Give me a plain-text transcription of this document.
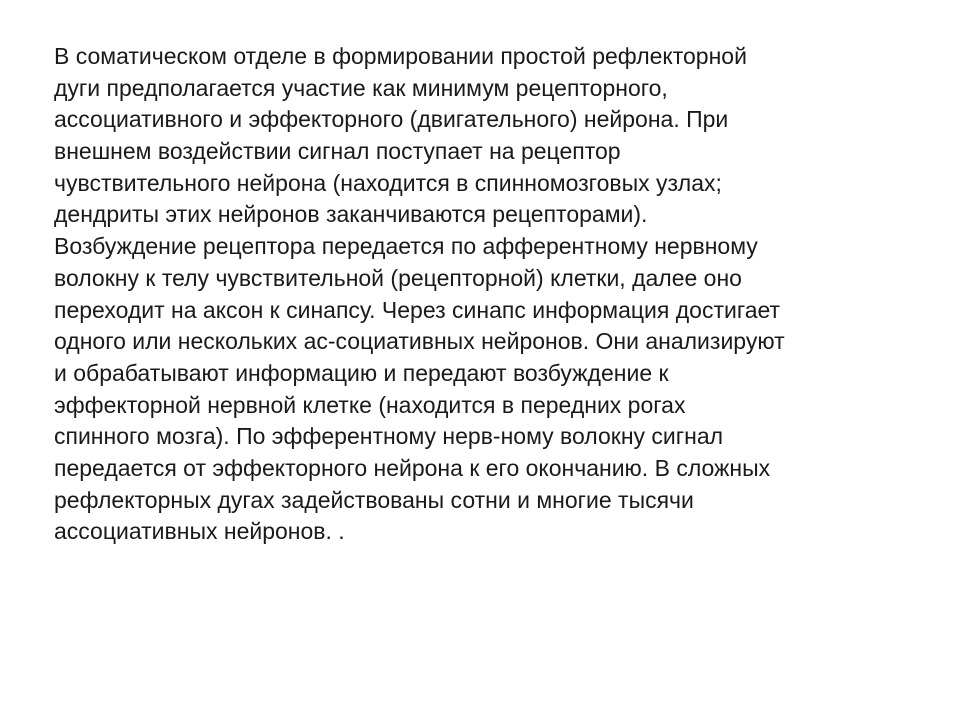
В соматическом отделе в формировании простой рефлекторной
дуги предполагается участие как минимум рецепторного,
ассоциативного и эффекторного (двигательного) нейрона. При
внешнем воздействии сигнал поступает на рецептор
чувствительного нейрона (находится в спинномозговых узлах;
дендриты этих нейронов заканчиваются рецепторами).
Возбуждение рецептора передается по афферентному нервному
волокну к телу чувствительной (рецепторной) клетки, далее оно
переходит на аксон к синапсу. Через синапс информация достигает
одного или нескольких ас-социативных нейронов. Они анализируют
и обрабатывают информацию и передают возбуждение к
эффекторной нервной клетке (находится в передних рогах
спинного мозга). По эфферентному нерв-ному волокну сигнал
передается от эффекторного нейрона к его окончанию. В сложных
рефлекторных дугах задействованы сотни и многие тысячи
ассоциативных нейронов. .
